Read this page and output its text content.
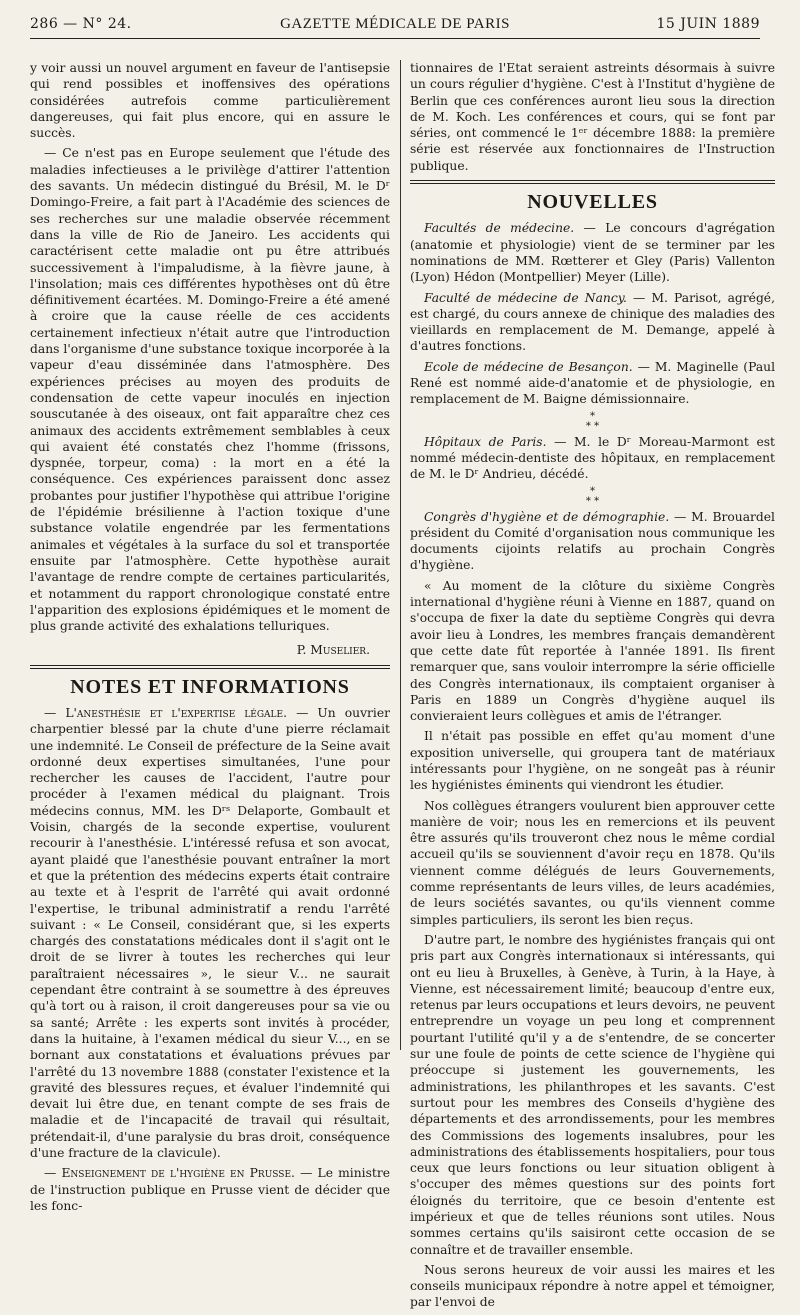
286 — N° 24.	GAZETTE MÉDICALE DE PARIS	15 JUIN 1889

y voir aussi un nouvel argument en faveur de l'antisepsie qui rend possibles et inoffensives des opérations considérées autrefois comme particulièrement dangereuses, qui fait plus encore, qui en assure le succès.

— Ce n'est pas en Europe seulement que l'étude des maladies infectieuses a le privilège d'attirer l'attention des savants. Un médecin distingué du Brésil, M. le Dʳ Domingo-Freire, a fait part à l'Académie des sciences de ses recherches sur une maladie observée récemment dans la ville de Rio de Janeiro. Les accidents qui caractérisent cette maladie ont pu être attribués successivement à l'impaludisme, à la fièvre jaune, à l'insolation; mais ces différentes hypothèses ont dû être définitivement écartées. M. Domingo-Freire a été amené à croire que la cause réelle de ces accidents certainement infectieux n'était autre que l'introduction dans l'organisme d'une substance toxique incorporée à la vapeur d'eau disséminée dans l'atmosphère. Des expériences précises au moyen des produits de condensation de cette vapeur inoculés en injection souscutanée à des oiseaux, ont fait apparaître chez ces animaux des accidents extrêmement semblables à ceux qui avaient été constatés chez l'homme (frissons, dyspnée, torpeur, coma) : la mort en a été la conséquence. Ces expériences paraissent donc assez probantes pour justifier l'hypothèse qui attribue l'origine de l'épidémie brésilienne à l'action toxique d'une substance volatile engendrée par les fermentations animales et végétales à la surface du sol et transportée ensuite par l'atmosphère. Cette hypothèse aurait l'avantage de rendre compte de certaines particularités, et notamment du rapport chronologique constaté entre l'apparition des explosions épidémiques et le moment de plus grande activité des exhalations telluriques.

P. Muselier.
NOTES ET INFORMATIONS

— L'anesthésie et l'expertise légale. — Un ouvrier charpentier blessé par la chute d'une pierre réclamait une indemnité. Le Conseil de préfecture de la Seine avait ordonné deux expertises simultanées, l'une pour rechercher les causes de l'accident, l'autre pour procéder à l'examen médical du plaignant. Trois médecins connus, MM. les Dʳˢ Delaporte, Gombault et Voisin, chargés de la seconde expertise, voulurent recourir à l'anesthésie. L'intéressé refusa et son avocat, ayant plaidé que l'anesthésie pouvant entraîner la mort et que la prétention des médecins experts était contraire au texte et à l'esprit de l'arrêté qui avait ordonné l'expertise, le tribunal administratif a rendu l'arrêté suivant : « Le Conseil, considérant que, si les experts chargés des constatations médicales dont il s'agit ont le droit de se livrer à toutes les recherches qui leur paraîtraient nécessaires », le sieur V... ne saurait cependant être contraint à se soumettre à des épreuves qu'à tort ou à raison, il croit dangereuses pour sa vie ou sa santé; Arrête : les experts sont invités à procéder, dans la huitaine, à l'examen médical du sieur V..., en se bornant aux constatations et évaluations prévues par l'arrêté du 13 novembre 1888 (constater l'existence et la gravité des blessures reçues, et évaluer l'indemnité qui devait lui être due, en tenant compte de ses frais de maladie et de l'incapacité de travail qui résultait, prétendait-il, d'une paralysie du bras droit, conséquence d'une fracture de la clavicule).

— Enseignement de l'hygiène en Prusse. — Le ministre de l'instruction publique en Prusse vient de décider que les fonc-

tionnaires de l'Etat seraient astreints désormais à suivre un cours régulier d'hygiène. C'est à l'Institut d'hygiène de Berlin que ces conférences auront lieu sous la direction de M. Koch. Les conférences et cours, qui se font par séries, ont commencé le 1ᵉʳ décembre 1888: la première série est réservée aux fonctionnaires de l'Instruction publique.

NOUVELLES

Facultés de médecine. — Le concours d'agrégation (anatomie et physiologie) vient de se terminer par les nominations de MM. Rœtterer et Gley (Paris) Vallenton (Lyon) Hédon (Montpellier) Meyer (Lille).

Faculté de médecine de Nancy. — M. Parisot, agrégé, est chargé, du cours annexe de chinique des maladies des vieillards en remplacement de M. Demange, appelé à d'autres fonctions.

Ecole de médecine de Besançon. — M. Maginelle (Paul René est nommé aide-d'anatomie et de physiologie, en remplacement de M. Baigne démissionnaire.

*
* *

Hôpitaux de Paris. — M. le Dʳ Moreau-Marmont est nommé médecin-dentiste des hôpitaux, en remplacement de M. le Dʳ Andrieu, décédé.

*
* *

Congrès d'hygiène et de démographie. — M. Brouardel président du Comité d'organisation nous communique les documents cijoints relatifs au prochain Congrès d'hygiène.

« Au moment de la clôture du sixième Congrès international d'hygiène réuni à Vienne en 1887, quand on s'occupa de fixer la date du septième Congrès qui devra avoir lieu à Londres, les membres français demandèrent que cette date fût reportée à l'année 1891. Ils firent remarquer que, sans vouloir interrompre la série officielle des Congrès internationaux, ils comptaient organiser à Paris en 1889 un Congrès d'hygiène auquel ils convieraient leurs collègues et amis de l'étranger.

Il n'était pas possible en effet qu'au moment d'une exposition universelle, qui groupera tant de matériaux intéressants pour l'hygiène, on ne songeât pas à réunir les hygiénistes éminents qui viendront les étudier.

Nos collègues étrangers voulurent bien approuver cette manière de voir; nous les en remercions et ils peuvent être assurés qu'ils trouveront chez nous le même cordial accueil qu'ils se souviennent d'avoir reçu en 1878. Qu'ils viennent comme délégués de leurs Gouvernements, comme représentants de leurs villes, de leurs académies, de leurs sociétés savantes, ou qu'ils viennent comme simples particuliers, ils seront les bien reçus.

D'autre part, le nombre des hygiénistes français qui ont pris part aux Congrès internationaux si intéressants, qui ont eu lieu à Bruxelles, à Genève, à Turin, à la Haye, à Vienne, est nécessairement limité; beaucoup d'entre eux, retenus par leurs occupations et leurs devoirs, ne peuvent entreprendre un voyage un peu long et comprennent pourtant l'utilité qu'il y a de s'entendre, de se concerter sur une foule de points de cette science de l'hygiène qui préoccupe si justement les gouvernements, les administrations, les philanthropes et les savants. C'est surtout pour les membres des Conseils d'hygiène des départements et des arrondissements, pour les membres des Commissions des logements insalubres, pour les administrations des établissements hospitaliers, pour tous ceux que leurs fonctions ou leur situation obligent à s'occuper des mêmes questions sur des points fort éloignés du territoire, que ce besoin d'entente est impérieux et que de telles réunions sont utiles. Nous sommes certains qu'ils saisiront cette occasion de se connaître et de travailler ensemble.

Nous serons heureux de voir aussi les maires et les conseils municipaux répondre à notre appel et témoigner, par l'envoi de
